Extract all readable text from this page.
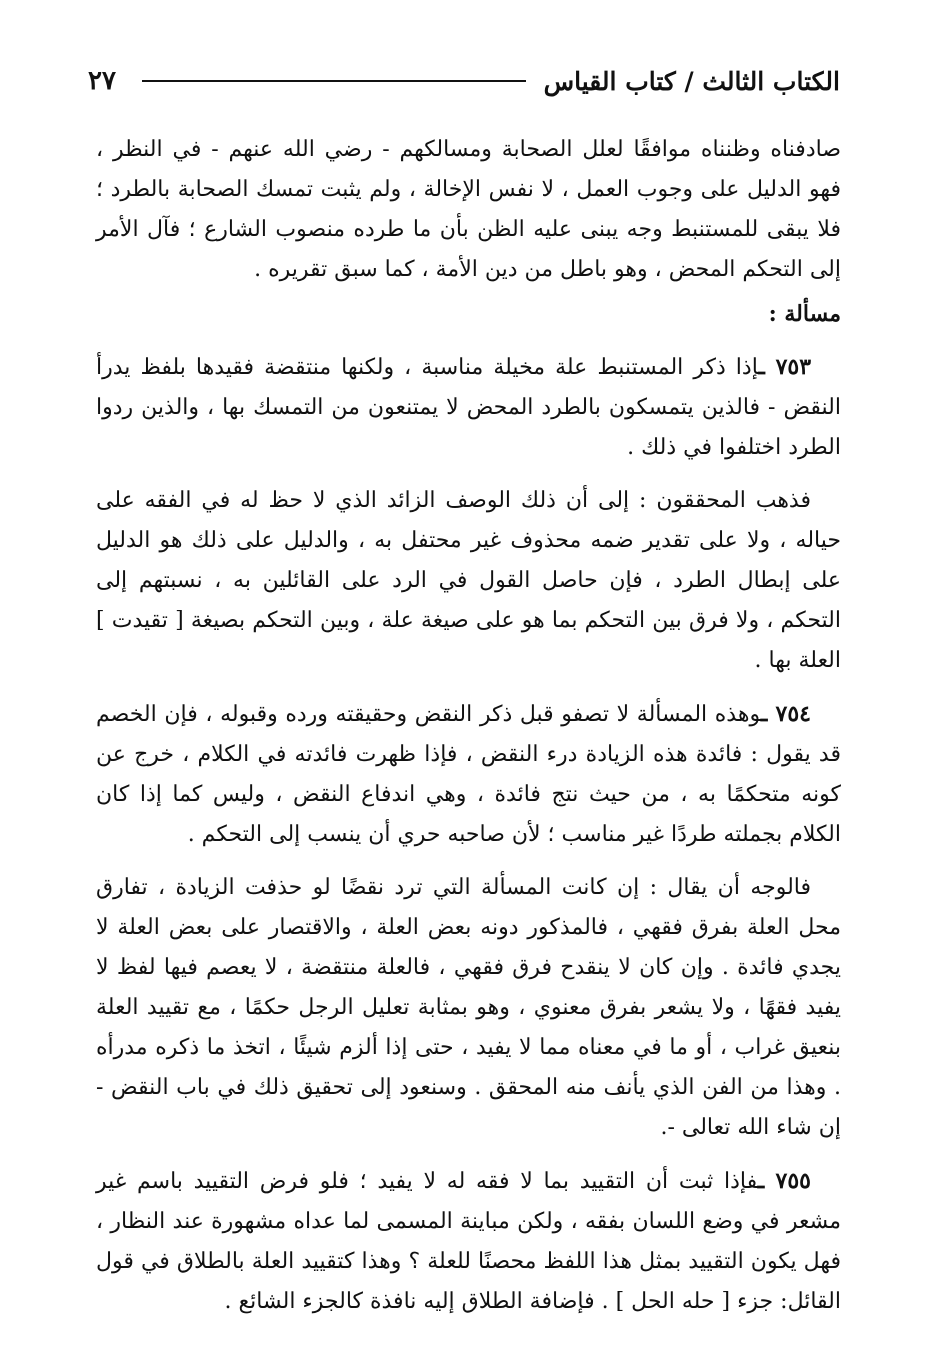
الكتاب الثالث / كتاب القياس
٢٧

صادفناه وظنناه موافقًا لعلل الصحابة ومسالكهم - رضي الله عنهم - في النظر ، فهو الدليل على وجوب العمل ، لا نفس الإخالة ، ولم يثبت تمسك الصحابة بالطرد ؛ فلا يبقى للمستنبط وجه يبنى عليه الظن بأن ما طرده منصوب الشارع ؛ فآل الأمر إلى التحكم المحض ، وهو باطل من دين الأمة ، كما سبق تقريره .

مسألة :

٧٥٣ ـإذا ذكر المستنبط علة مخيلة مناسبة ، ولكنها منتقضة فقيدها بلفظ يدرأ النقض - فالذين يتمسكون بالطرد المحض لا يمتنعون من التمسك بها ، والذين ردوا الطرد اختلفوا في ذلك .

فذهب المحققون : إلى أن ذلك الوصف الزائد الذي لا حظ له في الفقه على حياله ، ولا على تقدير ضمه محذوف غير محتفل به ، والدليل على ذلك هو الدليل على إبطال الطرد ، فإن حاصل القول في الرد على القائلين به ، نسبتهم إلى التحكم ، ولا فرق بين التحكم بما هو على صيغة علة ، وبين التحكم بصيغة [ تقيدت ] العلة بها .

٧٥٤ ـوهذه المسألة لا تصفو قبل ذكر النقض وحقيقته ورده وقبوله ، فإن الخصم قد يقول : فائدة هذه الزيادة درء النقض ، فإذا ظهرت فائدته في الكلام ، خرج عن كونه متحكمًا به ، من حيث نتج فائدة ، وهي اندفاع النقض ، وليس كما إذا كان الكلام بجملته طردًا غير مناسب ؛ لأن صاحبه حري أن ينسب إلى التحكم .

فالوجه أن يقال : إن كانت المسألة التي ترد نقضًا لو حذفت الزيادة ، تفارق محل العلة بفرق فقهي ، فالمذكور دونه بعض العلة ، والاقتصار على بعض العلة لا يجدي فائدة . وإن كان لا ينقدح فرق فقهي ، فالعلة منتقضة ، لا يعصم فيها لفظ لا يفيد فقهًا ، ولا يشعر بفرق معنوي ، وهو بمثابة تعليل الرجل حكمًا ، مع تقييد العلة بنعيق غراب ، أو ما في معناه مما لا يفيد ، حتى إذا ألزم شيئًا ، اتخذ ما ذكره مدرأه . وهذا من الفن الذي يأنف منه المحقق . وسنعود إلى تحقيق ذلك في باب النقض - إن شاء الله تعالى -.

٧٥٥ ـفإذا ثبت أن التقييد بما لا فقه له لا يفيد ؛ فلو فرض التقييد باسم غير مشعر في وضع اللسان بفقه ، ولكن مباينة المسمى لما عداه مشهورة عند النظار ، فهل يكون التقييد بمثل هذا اللفظ محصنًا للعلة ؟ وهذا كتقييد العلة بالطلاق في قول القائل: جزء [ حله الحل ] . فإضافة الطلاق إليه نافذة كالجزء الشائع .
